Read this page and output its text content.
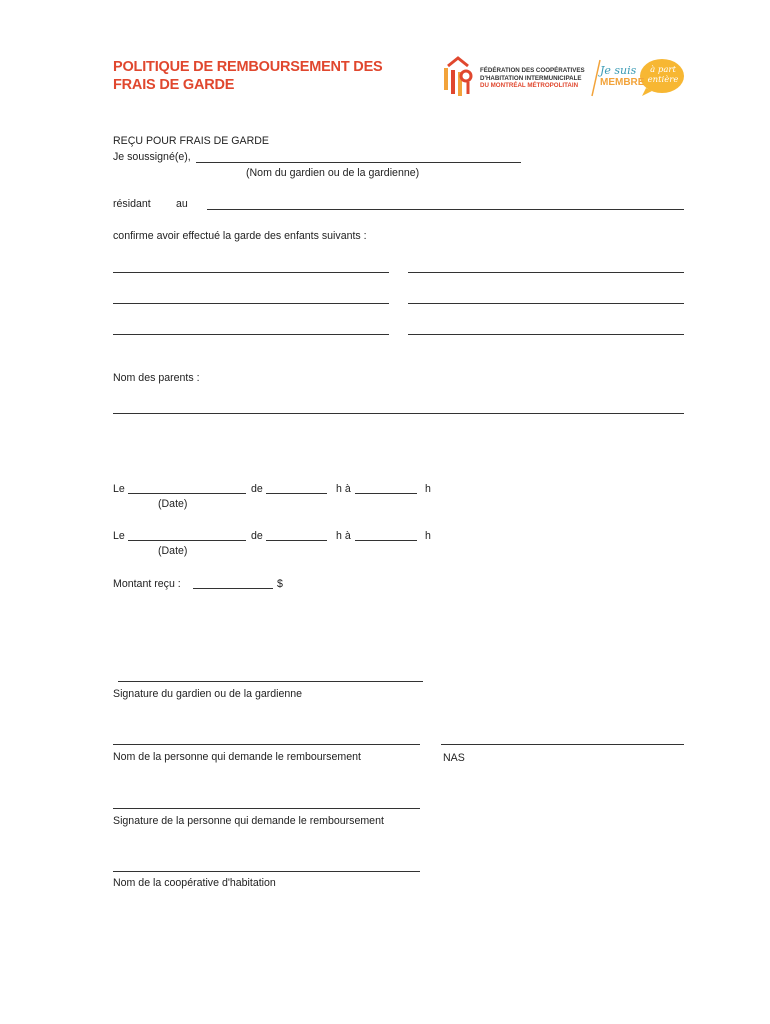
POLITIQUE DE REMBOURSEMENT DES
FRAIS DE GARDE
FÉDÉRATION DES COOPÉRATIVES
D'HABITATION INTERMUNICIPALE
DU MONTRÉAL MÉTROPOLITAIN
Je suis
MEMBRE
à part
entière
REÇU POUR FRAIS DE GARDE
Je soussigné(e),
(Nom du gardien ou de la gardienne)
résidant au
confirme avoir effectué la garde des enfants suivants :
Nom des parents :
Le	de	h à	h
(Date)
Le	de	h à	h
(Date)
Montant reçu :	$
Signature du gardien ou de la gardienne
Nom de la personne qui demande le remboursement	NAS
Signature de la personne qui demande le remboursement
Nom de la coopérative d'habitation
